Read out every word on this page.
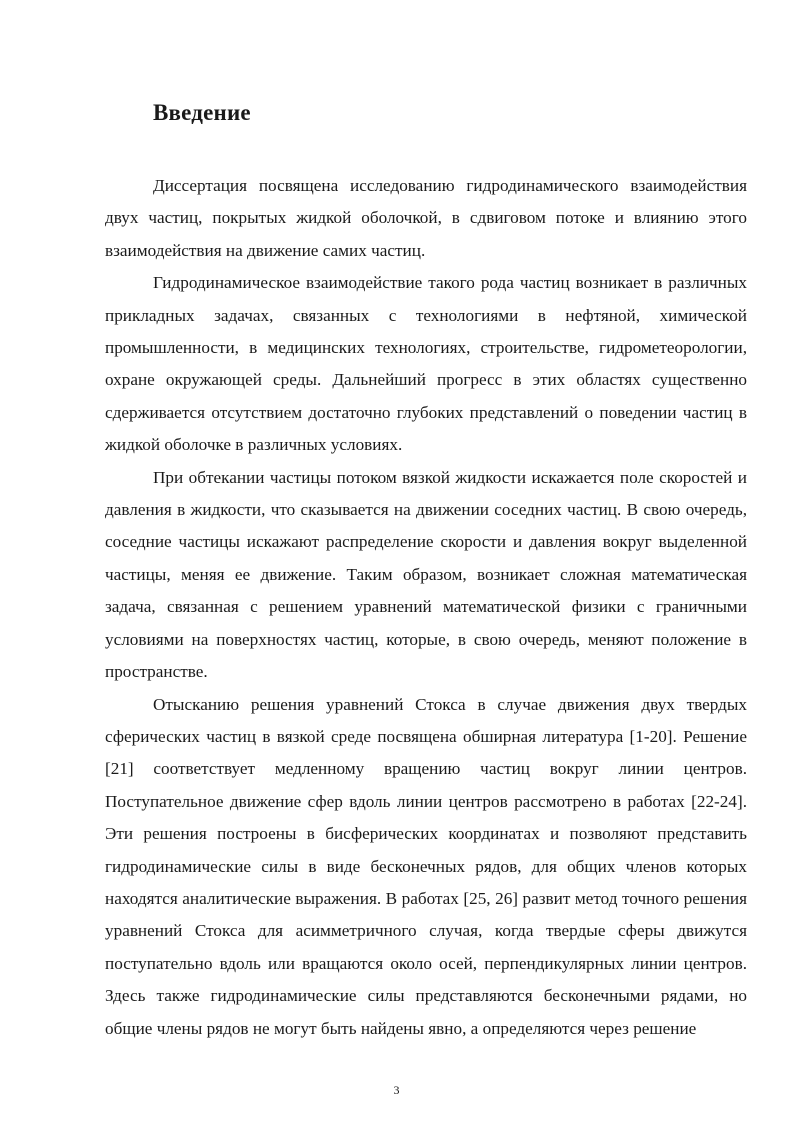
Введение

Диссертация посвящена исследованию гидродинамического взаимодействия двух частиц, покрытых жидкой оболочкой, в сдвиговом потоке и влиянию этого взаимодействия на движение самих частиц.

Гидродинамическое взаимодействие такого рода частиц возникает в различных прикладных задачах, связанных с технологиями в нефтяной, химической промышленности, в медицинских технологиях, строительстве, гидрометеорологии, охране окружающей среды. Дальнейший прогресс в этих областях существенно сдерживается отсутствием достаточно глубоких представлений о поведении частиц в жидкой оболочке в различных условиях.

При обтекании частицы потоком вязкой жидкости искажается поле скоростей и давления в жидкости, что сказывается на движении соседних частиц. В свою очередь, соседние частицы искажают распределение скорости и давления вокруг выделенной частицы, меняя ее движение. Таким образом, возникает сложная математическая задача, связанная с решением уравнений математической физики с граничными условиями на поверхностях частиц, которые, в свою очередь, меняют положение в пространстве.

Отысканию решения уравнений Стокса в случае движения двух твердых сферических частиц в вязкой среде посвящена обширная литература [1-20]. Решение [21] соответствует медленному вращению частиц вокруг линии центров. Поступательное движение сфер вдоль линии центров рассмотрено в работах [22-24]. Эти решения построены в бисферических координатах и позволяют представить гидродинамические силы в виде бесконечных рядов, для общих членов которых находятся аналитические выражения. В работах [25, 26] развит метод точного решения уравнений Стокса для асимметричного случая, когда твердые сферы движутся поступательно вдоль или вращаются около осей, перпендикулярных линии центров. Здесь также гидродинамические силы представляются бесконечными рядами, но общие члены рядов не могут быть найдены явно, а определяются через решение

3
